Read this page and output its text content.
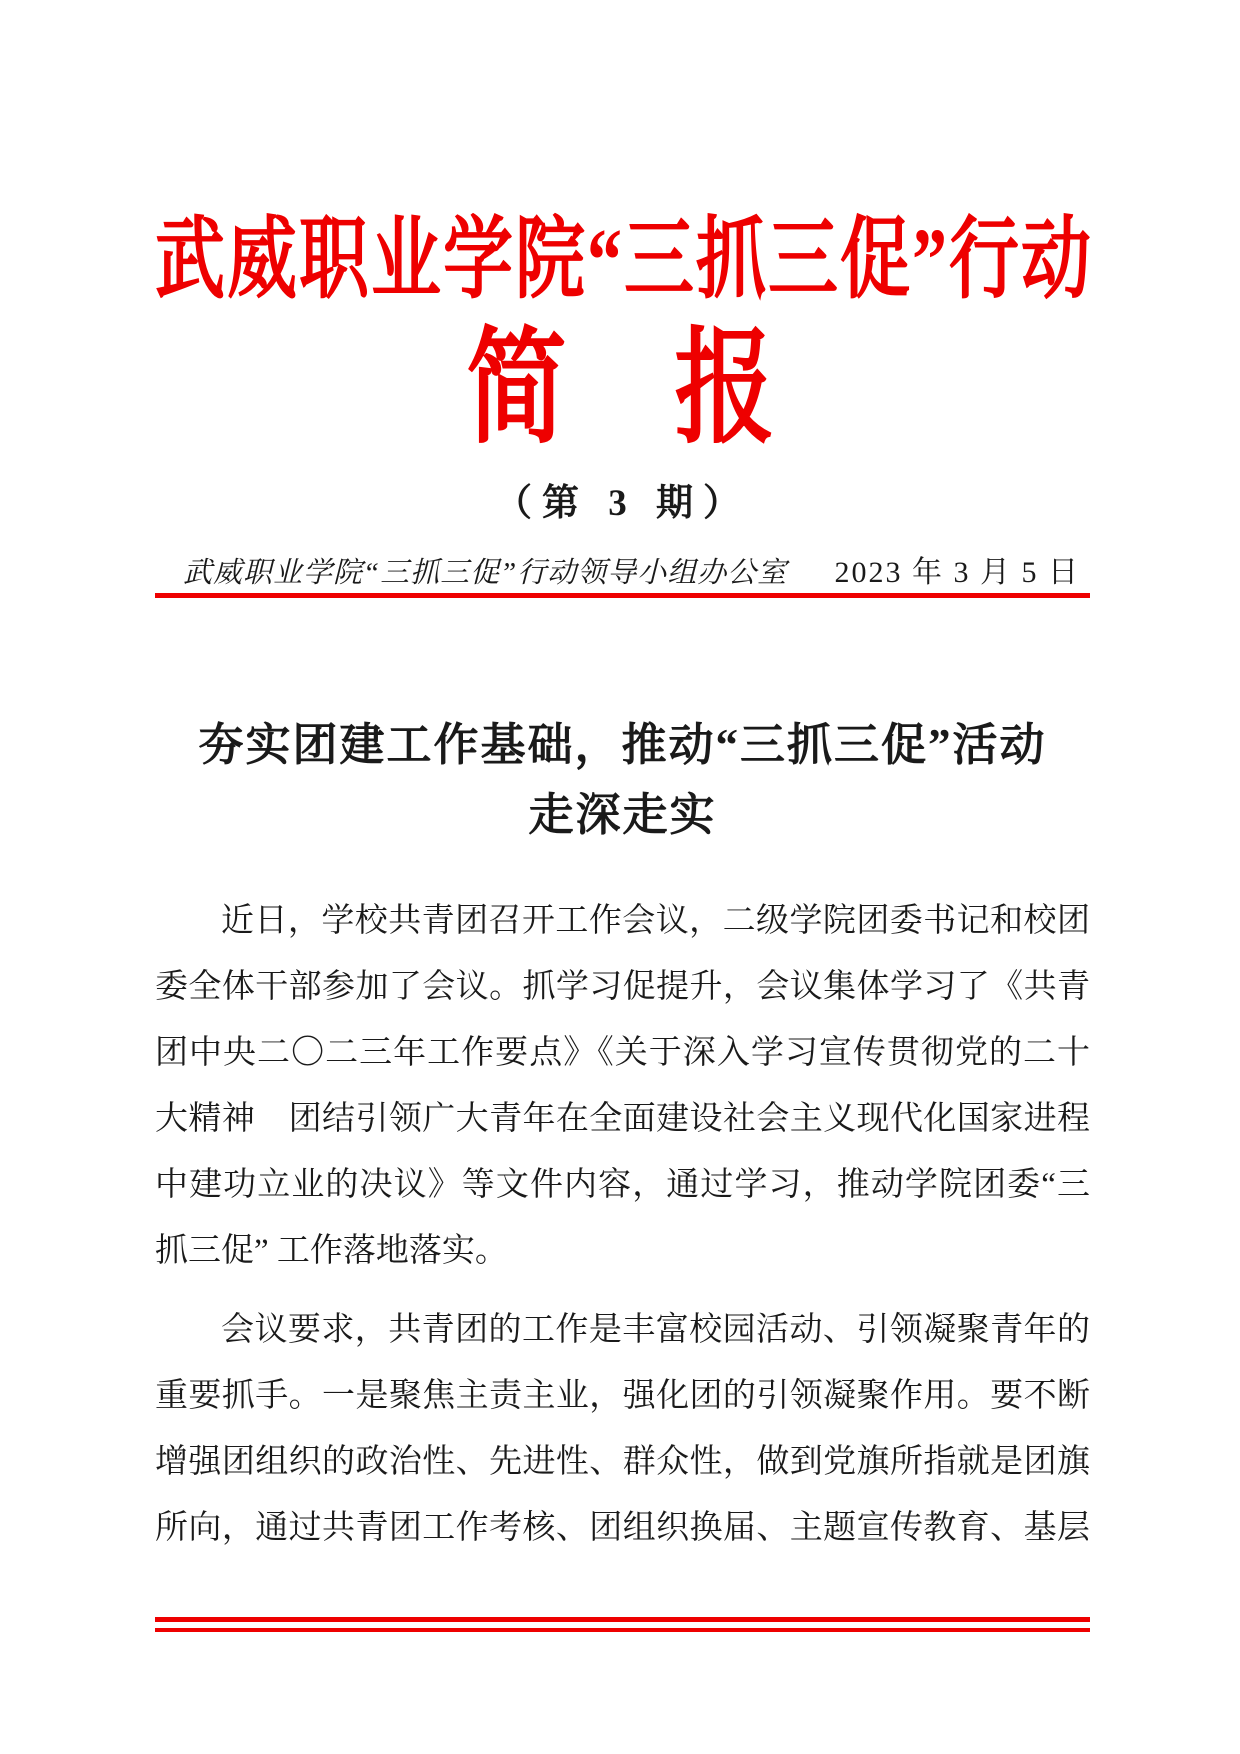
武威职业学院“三抓三促”行动
简　报
（第 3 期）
武威职业学院“三抓三促”行动领导小组办公室 2023 年 3 月 5 日
夯实团建工作基础，推动“三抓三促”活动
走深走实

近日，学校共青团召开工作会议，二级学院团委书记和校团
委全体干部参加了会议。抓学习促提升，会议集体学习了《共青
团中央二〇二三年工作要点》《关于深入学习宣传贯彻党的二十
大精神　团结引领广大青年在全面建设社会主义现代化国家进程
中建功立业的决议》等文件内容，通过学习，推动学院团委“三
抓三促” 工作落地落实。

会议要求，共青团的工作是丰富校园活动、引领凝聚青年的
重要抓手。一是聚焦主责主业，强化团的引领凝聚作用。要不断
增强团组织的政治性、先进性、群众性，做到党旗所指就是团旗
所向，通过共青团工作考核、团组织换届、主题宣传教育、基层
